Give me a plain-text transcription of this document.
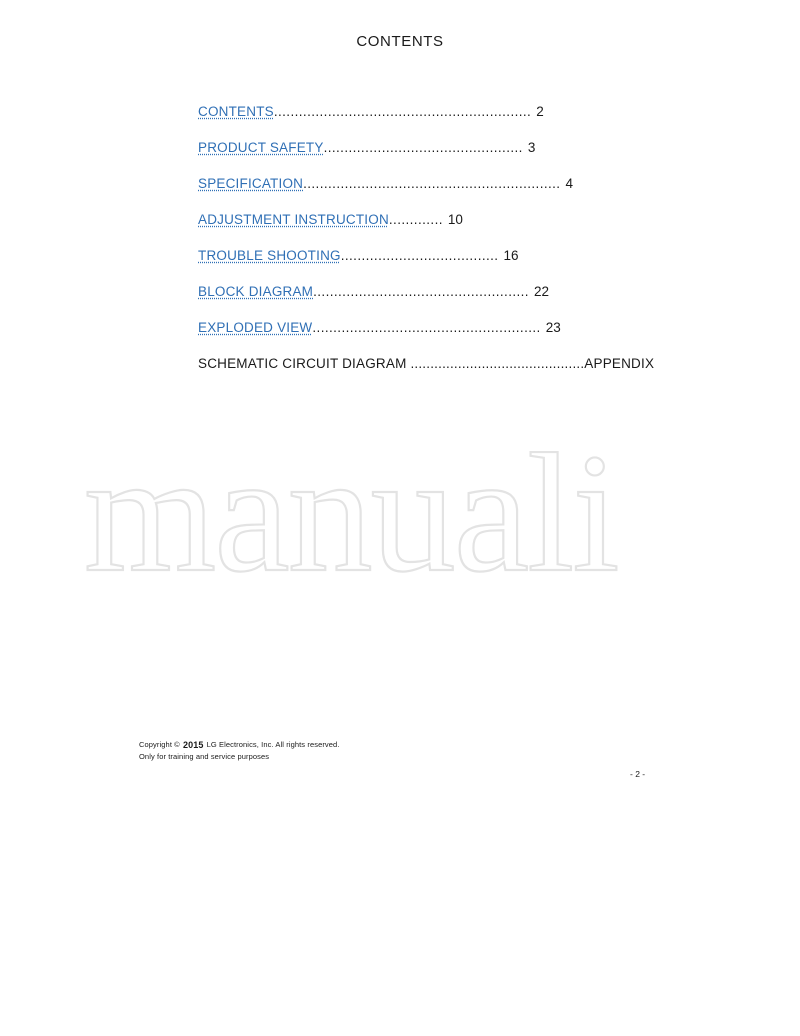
CONTENTS
CONTENTS .............................................................. 2
PRODUCT SAFETY ................................................ 3
SPECIFICATION .............................................................. 4
ADJUSTMENT INSTRUCTION ............. 10
TROUBLE SHOOTING ...................................... 16
BLOCK DIAGRAM .................................................... 22
EXPLODED VIEW ....................................................... 23
SCHEMATIC CIRCUIT DIAGRAM ............................................APPENDIX
manuali
Copyright © 2015 LG Electronics, Inc. All rights reserved.
Only for training and service purposes
- 2 -
